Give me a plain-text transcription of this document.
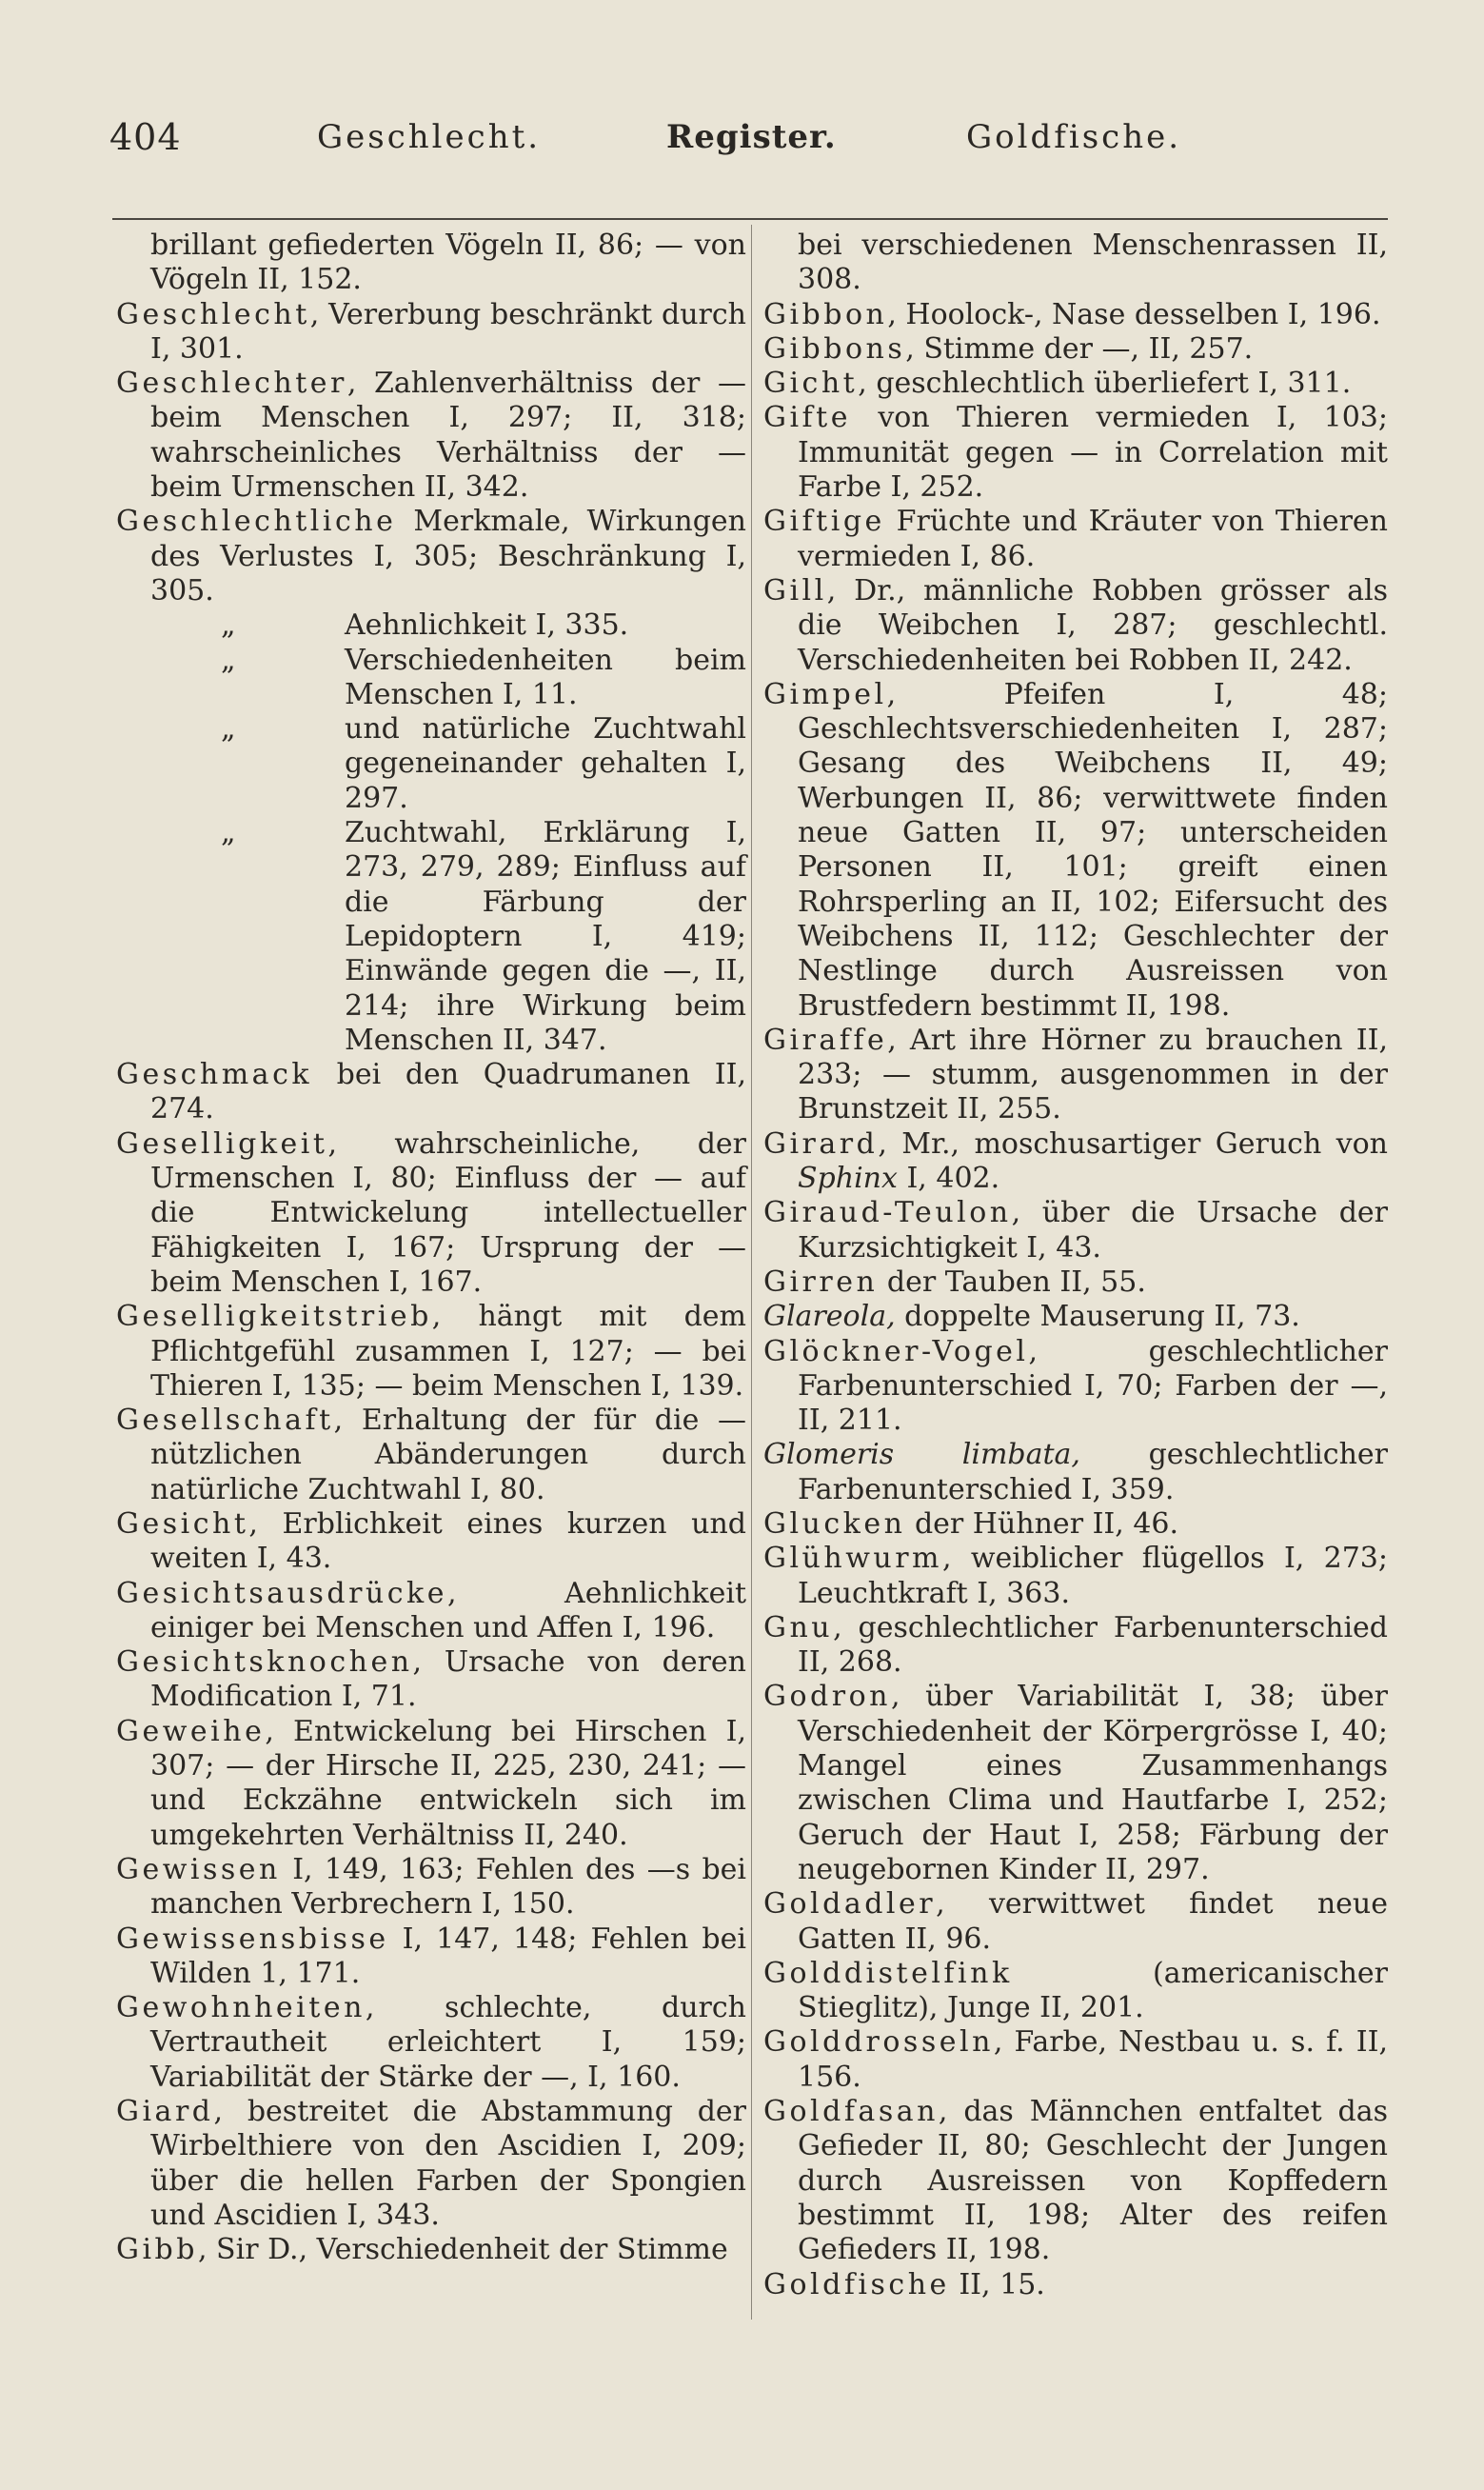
404	Geschlecht.	Register.	Goldfische.

brillant gefiederten Vögeln II, 86; — von Vögeln II, 152.

Geschlecht, Vererbung beschränkt durch I, 301.

Geschlechter, Zahlenverhältniss der — beim Menschen I, 297; II, 318; wahrscheinliches Verhältniss der — beim Urmenschen II, 342.

Geschlechtliche Merkmale, Wirkungen des Verlustes I, 305; Beschränkung I, 305.

„	Aehnlichkeit I, 335.

„	Verschiedenheiten beim Menschen I, 11.

„	und natürliche Zuchtwahl gegeneinander gehalten I, 297.

„	Zuchtwahl, Erklärung I, 273, 279, 289; Einfluss auf die Färbung der Lepidoptern I, 419; Einwände gegen die —, II, 214; ihre Wirkung beim Menschen II, 347.

Geschmack bei den Quadrumanen II, 274.

Geselligkeit, wahrscheinliche, der Urmenschen I, 80; Einfluss der — auf die Entwickelung intellectueller Fähigkeiten I, 167; Ursprung der — beim Menschen I, 167.

Geselligkeitstrieb, hängt mit dem Pflichtgefühl zusammen I, 127; — bei Thieren I, 135; — beim Menschen I, 139.

Gesellschaft, Erhaltung der für die — nützlichen Abänderungen durch natürliche Zuchtwahl I, 80.

Gesicht, Erblichkeit eines kurzen und weiten I, 43.

Gesichtsausdrücke, Aehnlichkeit einiger bei Menschen und Affen I, 196.

Gesichtsknochen, Ursache von deren Modification I, 71.

Geweihe, Entwickelung bei Hirschen I, 307; — der Hirsche II, 225, 230, 241; — und Eckzähne entwickeln sich im umgekehrten Verhältniss II, 240.

Gewissen I, 149, 163; Fehlen des —s bei manchen Verbrechern I, 150.

Gewissensbisse I, 147, 148; Fehlen bei Wilden 1, 171.

Gewohnheiten, schlechte, durch Vertrautheit erleichtert I, 159; Variabilität der Stärke der —, I, 160.

Giard, bestreitet die Abstammung der Wirbelthiere von den Ascidien I, 209; über die hellen Farben der Spongien und Ascidien I, 343.

Gibb, Sir D., Verschiedenheit der Stimme

bei verschiedenen Menschenrassen II, 308.

Gibbon, Hoolock-, Nase desselben I, 196.

Gibbons, Stimme der —, II, 257.

Gicht, geschlechtlich überliefert I, 311.

Gifte von Thieren vermieden I, 103; Immunität gegen — in Correlation mit Farbe I, 252.

Giftige Früchte und Kräuter von Thieren vermieden I, 86.

Gill, Dr., männliche Robben grösser als die Weibchen I, 287; geschlechtl. Verschiedenheiten bei Robben II, 242.

Gimpel, Pfeifen I, 48; Geschlechtsverschiedenheiten I, 287; Gesang des Weibchens II, 49; Werbungen II, 86; verwittwete finden neue Gatten II, 97; unterscheiden Personen II, 101; greift einen Rohrsperling an II, 102; Eifersucht des Weibchens II, 112; Geschlechter der Nestlinge durch Ausreissen von Brustfedern bestimmt II, 198.

Giraffe, Art ihre Hörner zu brauchen II, 233; — stumm, ausgenommen in der Brunstzeit II, 255.

Girard, Mr., moschusartiger Geruch von Sphinx I, 402.

Giraud-Teulon, über die Ursache der Kurzsichtigkeit I, 43.

Girren der Tauben II, 55.

Glareola, doppelte Mauserung II, 73.

Glöckner-Vogel, geschlechtlicher Farbenunterschied I, 70; Farben der —, II, 211.

Glomeris limbata, geschlechtlicher Farbenunterschied I, 359.

Glucken der Hühner II, 46.

Glühwurm, weiblicher flügellos I, 273; Leuchtkraft I, 363.

Gnu, geschlechtlicher Farbenunterschied II, 268.

Godron, über Variabilität I, 38; über Verschiedenheit der Körpergrösse I, 40; Mangel eines Zusammenhangs zwischen Clima und Hautfarbe I, 252; Geruch der Haut I, 258; Färbung der neugebornen Kinder II, 297.

Goldadler, verwittwet findet neue Gatten II, 96.

Golddistelfink (americanischer Stieglitz), Junge II, 201.

Golddrosseln, Farbe, Nestbau u. s. f. II, 156.

Goldfasan, das Männchen entfaltet das Gefieder II, 80; Geschlecht der Jungen durch Ausreissen von Kopffedern bestimmt II, 198; Alter des reifen Gefieders II, 198.

Goldfische II, 15.
